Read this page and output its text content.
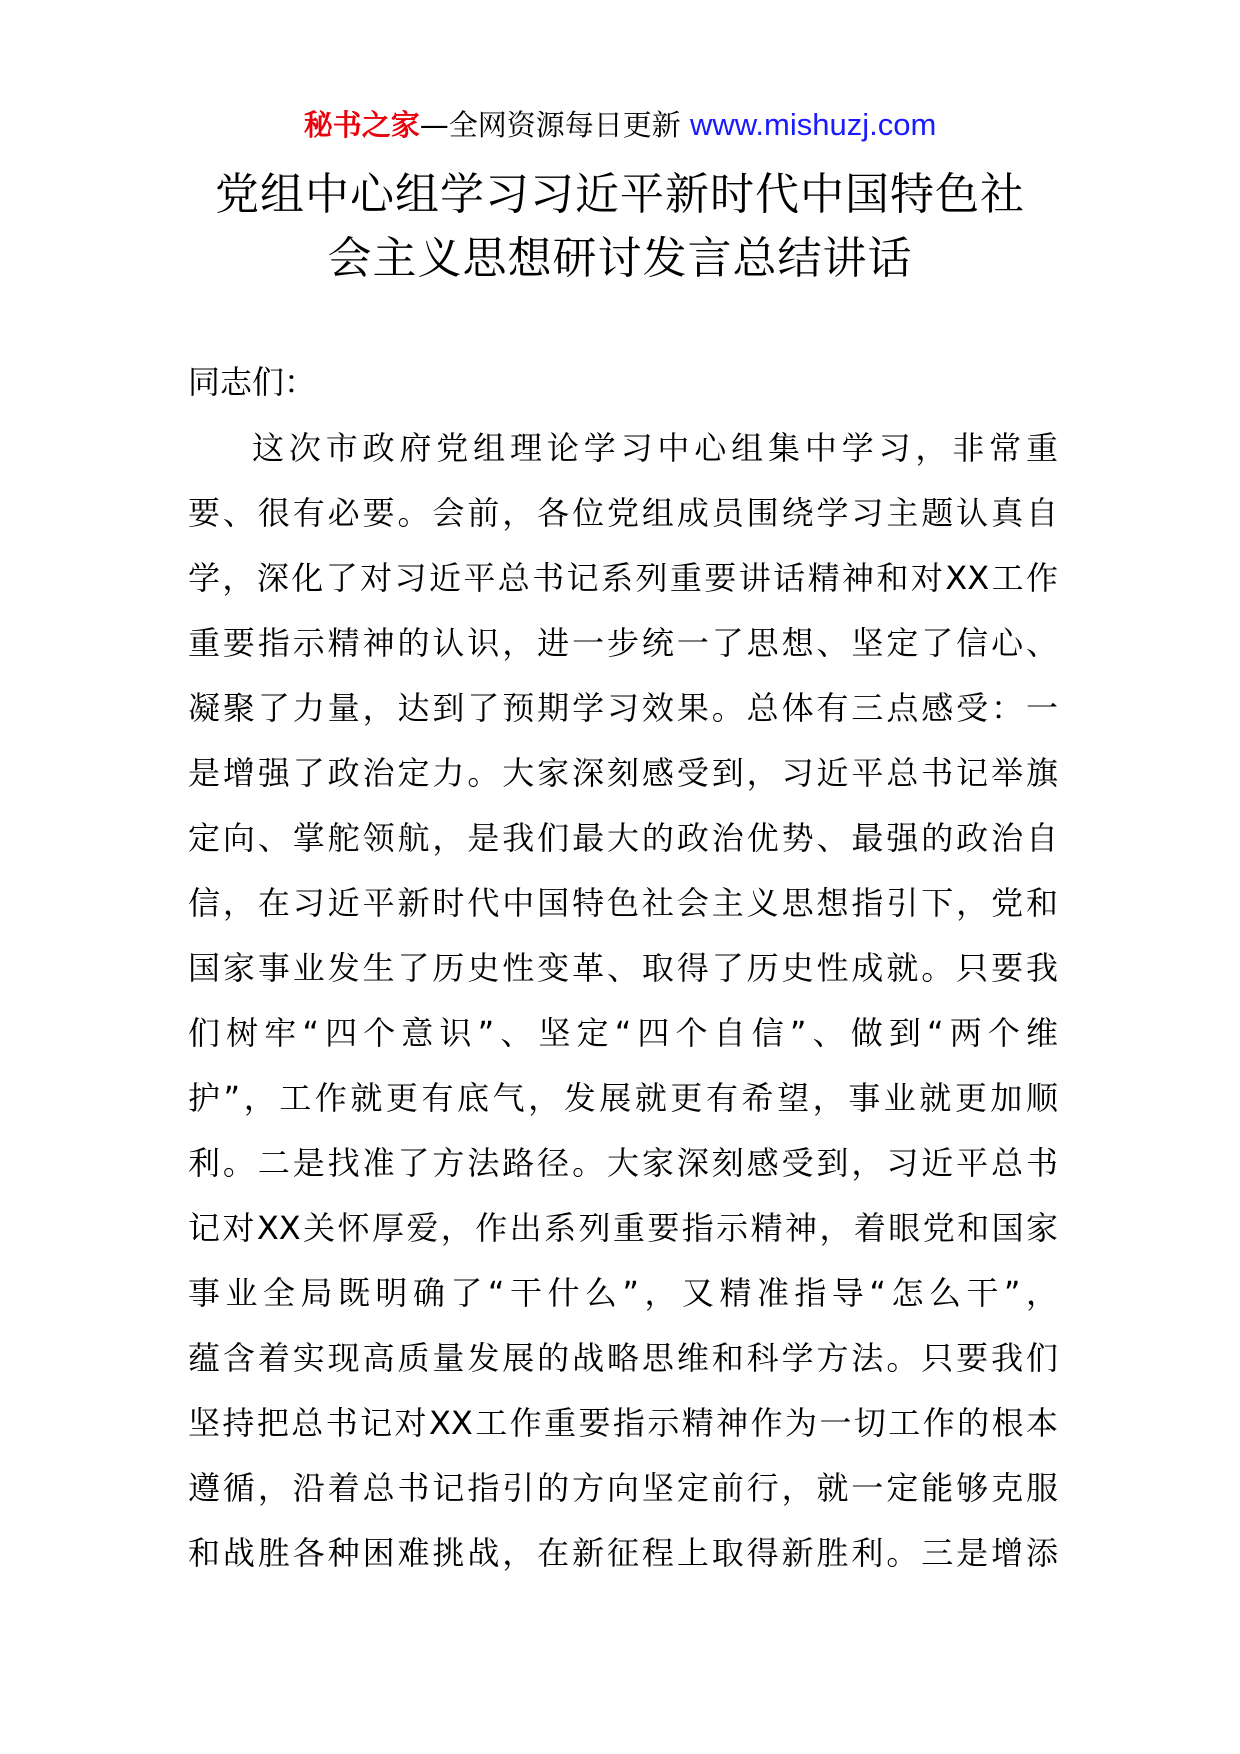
秘书之家—全网资源每日更新 www.mishuzj.com
党组中心组学习习近平新时代中国特色社
会主义思想研讨发言总结讲话
同志们：
这次市政府党组理论学习中心组集中学习，非常重
要、很有必要。会前，各位党组成员围绕学习主题认真自
学，深化了对习近平总书记系列重要讲话精神和对XX工作
重要指示精神的认识，进一步统一了思想、坚定了信心、
凝聚了力量，达到了预期学习效果。总体有三点感受：一
是增强了政治定力。大家深刻感受到，习近平总书记举旗
定向、掌舵领航，是我们最大的政治优势、最强的政治自
信，在习近平新时代中国特色社会主义思想指引下，党和
国家事业发生了历史性变革、取得了历史性成就。只要我
们树牢“四个意识”、坚定“四个自信”、做到“两个维
护”，工作就更有底气，发展就更有希望，事业就更加顺
利。二是找准了方法路径。大家深刻感受到，习近平总书
记对XX关怀厚爱，作出系列重要指示精神，着眼党和国家
事业全局既明确了“干什么”，又精准指导“怎么干”，
蕴含着实现高质量发展的战略思维和科学方法。只要我们
坚持把总书记对XX工作重要指示精神作为一切工作的根本
遵循，沿着总书记指引的方向坚定前行，就一定能够克服
和战胜各种困难挑战，在新征程上取得新胜利。三是增添
